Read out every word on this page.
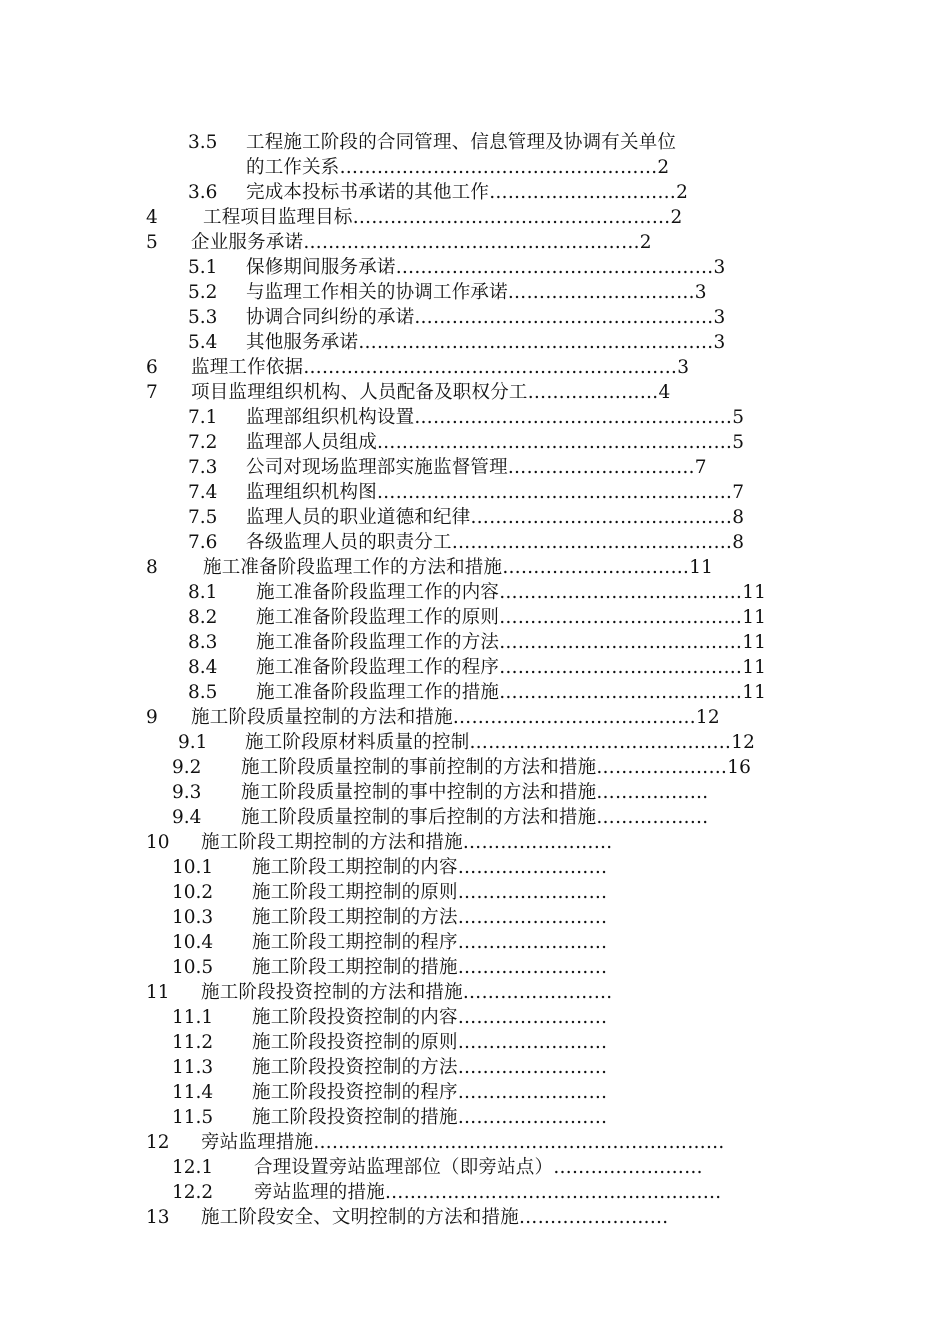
3.5 工程施工阶段的合同管理、信息管理及协调有关单位
的工作关系……………………………………………2
3.6 完成本投标书承诺的其他工作…………………………2
4 工程项目监理目标……………………………………………2
5 企业服务承诺………………………………………………2
5.1 保修期间服务承诺……………………………………………3
5.2 与监理工作相关的协调工作承诺…………………………3
5.3 协调合同纠纷的承诺…………………………………………3
5.4 其他服务承诺…………………………………………………3
6 监理工作依据……………………………………………………3
7 项目监理组织机构、人员配备及职权分工…………………4
7.1 监理部组织机构设置……………………………………………5
7.2 监理部人员组成…………………………………………………5
7.3 公司对现场监理部实施监督管理…………………………7
7.4 监理组织机构图…………………………………………………7
7.5 监理人员的职业道德和纪律……………………………………8
7.6 各级监理人员的职责分工………………………………………8
8 施工准备阶段监理工作的方法和措施…………………………11
8.1 施工准备阶段监理工作的内容…………………………………11
8.2 施工准备阶段监理工作的原则…………………………………11
8.3 施工准备阶段监理工作的方法…………………………………11
8.4 施工准备阶段监理工作的程序…………………………………11
8.5 施工准备阶段监理工作的措施…………………………………11
9 施工阶段质量控制的方法和措施…………………………………12
9.1 施工阶段原材料质量的控制……………………………………12
9.2 施工阶段质量控制的事前控制的方法和措施…………………16
9.3 施工阶段质量控制的事中控制的方法和措施………………
9.4 施工阶段质量控制的事后控制的方法和措施………………
10 施工阶段工期控制的方法和措施……………………
10.1 施工阶段工期控制的内容……………………
10.2 施工阶段工期控制的原则……………………
10.3 施工阶段工期控制的方法……………………
10.4 施工阶段工期控制的程序……………………
10.5 施工阶段工期控制的措施……………………
11 施工阶段投资控制的方法和措施……………………
11.1 施工阶段投资控制的内容……………………
11.2 施工阶段投资控制的原则……………………
11.3 施工阶段投资控制的方法……………………
11.4 施工阶段投资控制的程序……………………
11.5 施工阶段投资控制的措施……………………
12 旁站监理措施…………………………………………………………
12.1 合理设置旁站监理部位（即旁站点）……………………
12.2 旁站监理的措施………………………………………………
13 施工阶段安全、文明控制的方法和措施……………………
